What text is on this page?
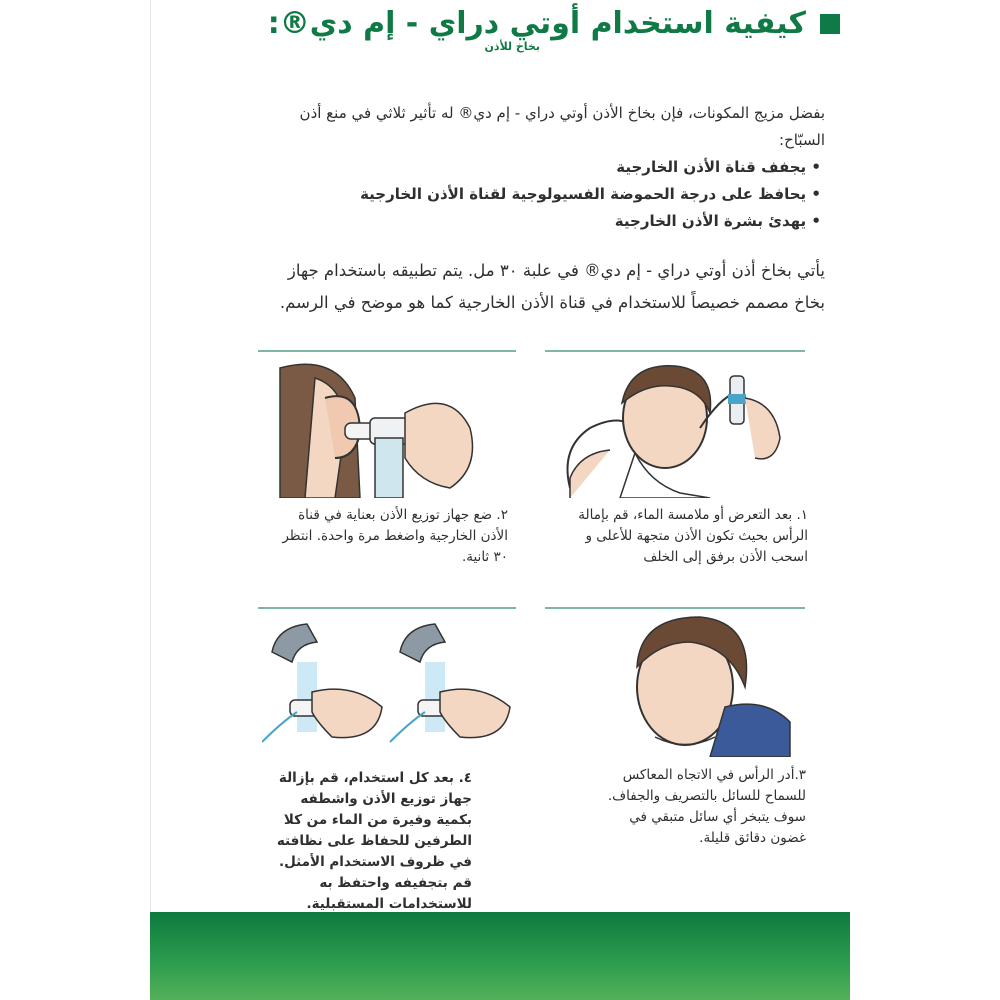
كيفية استخدام أوتي دراي - إم دي®:
بخاخ للأذن

بفضل مزيج المكونات، فإن بخاخ الأذن أوتي دراي - إم دي® له تأثير ثلاثي في منع أذن السبّاح:

• يجفف قناة الأذن الخارجية
• يحافظ على درجة الحموضة الفسيولوجية لقناة الأذن الخارجية
• يهدئ بشرة الأذن الخارجية
يأتي بخاخ أذن أوتي دراي - إم دي® في علبة ٣٠ مل. يتم تطبيقه باستخدام جهاز بخاخ مصمم خصيصاً للاستخدام في قناة الأذن الخارجية كما هو موضح في الرسم.
١. بعد التعرض أو ملامسة الماء، قم بإمالة الرأس بحيث تكون الأذن متجهة للأعلى و اسحب الأذن برفق إلى الخلف
٢. ضع جهاز توزيع الأذن بعناية في قناة الأذن الخارجية واضغط مرة واحدة. انتظر ٣٠ ثانية.
٣.أدر الرأس في الاتجاه المعاكس للسماح للسائل بالتصريف والجفاف. سوف يتبخر أي سائل متبقي في غضون دقائق قليلة.
٤. بعد كل استخدام، قم بإزالة جهاز توزيع الأذن واشطفه بكمية وفيرة من الماء من كلا الطرفين للحفاظ على نظافته في ظروف الاستخدام الأمثل. قم بتجفيفه واحتفظ به للاستخدامات المستقبلية.
